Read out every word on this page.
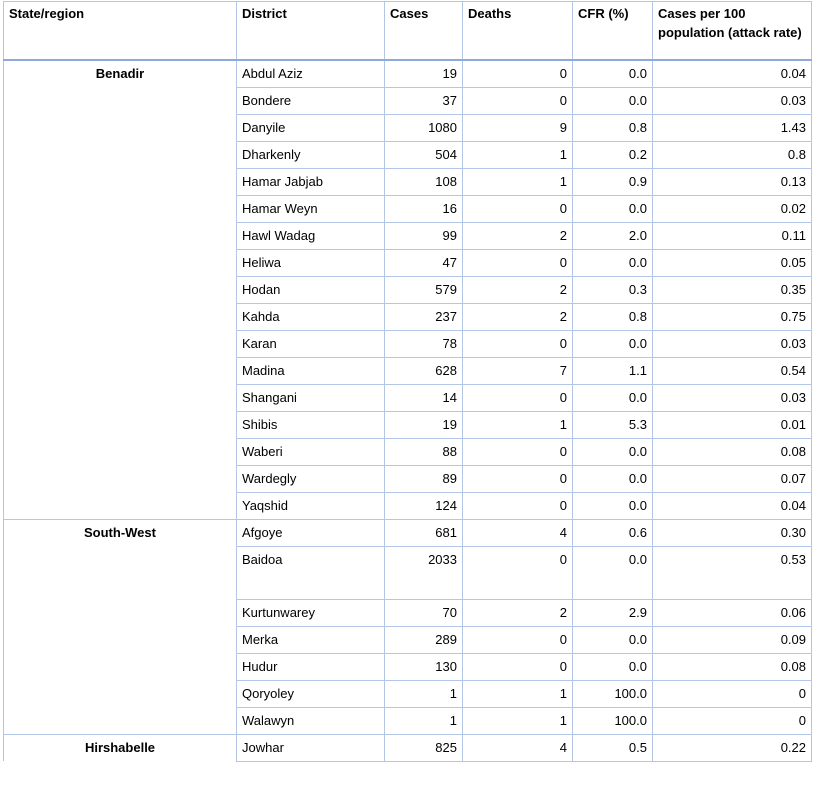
State/region	District	Cases	Deaths	CFR (%)	Cases per 100 population (attack rate)
Benadir	Abdul Aziz	19	0	0.0	0.04
	Bondere	37	0	0.0	0.03
	Danyile	1080	9	0.8	1.43
	Dharkenly	504	1	0.2	0.8
	Hamar Jabjab	108	1	0.9	0.13
	Hamar Weyn	16	0	0.0	0.02
	Hawl Wadag	99	2	2.0	0.11
	Heliwa	47	0	0.0	0.05
	Hodan	579	2	0.3	0.35
	Kahda	237	2	0.8	0.75
	Karan	78	0	0.0	0.03
	Madina	628	7	1.1	0.54
	Shangani	14	0	0.0	0.03
	Shibis	19	1	5.3	0.01
	Waberi	88	0	0.0	0.08
	Wardegly	89	0	0.0	0.07
	Yaqshid	124	0	0.0	0.04
South-West	Afgoye	681	4	0.6	0.30
	Baidoa	2033	0	0.0	0.53
	Kurtunwarey	70	2	2.9	0.06
	Merka	289	0	0.0	0.09
	Hudur	130	0	0.0	0.08
	Qoryoley	1	1	100.0	0
	Walawyn	1	1	100.0	0
Hirshabelle	Jowhar	825	4	0.5	0.22
